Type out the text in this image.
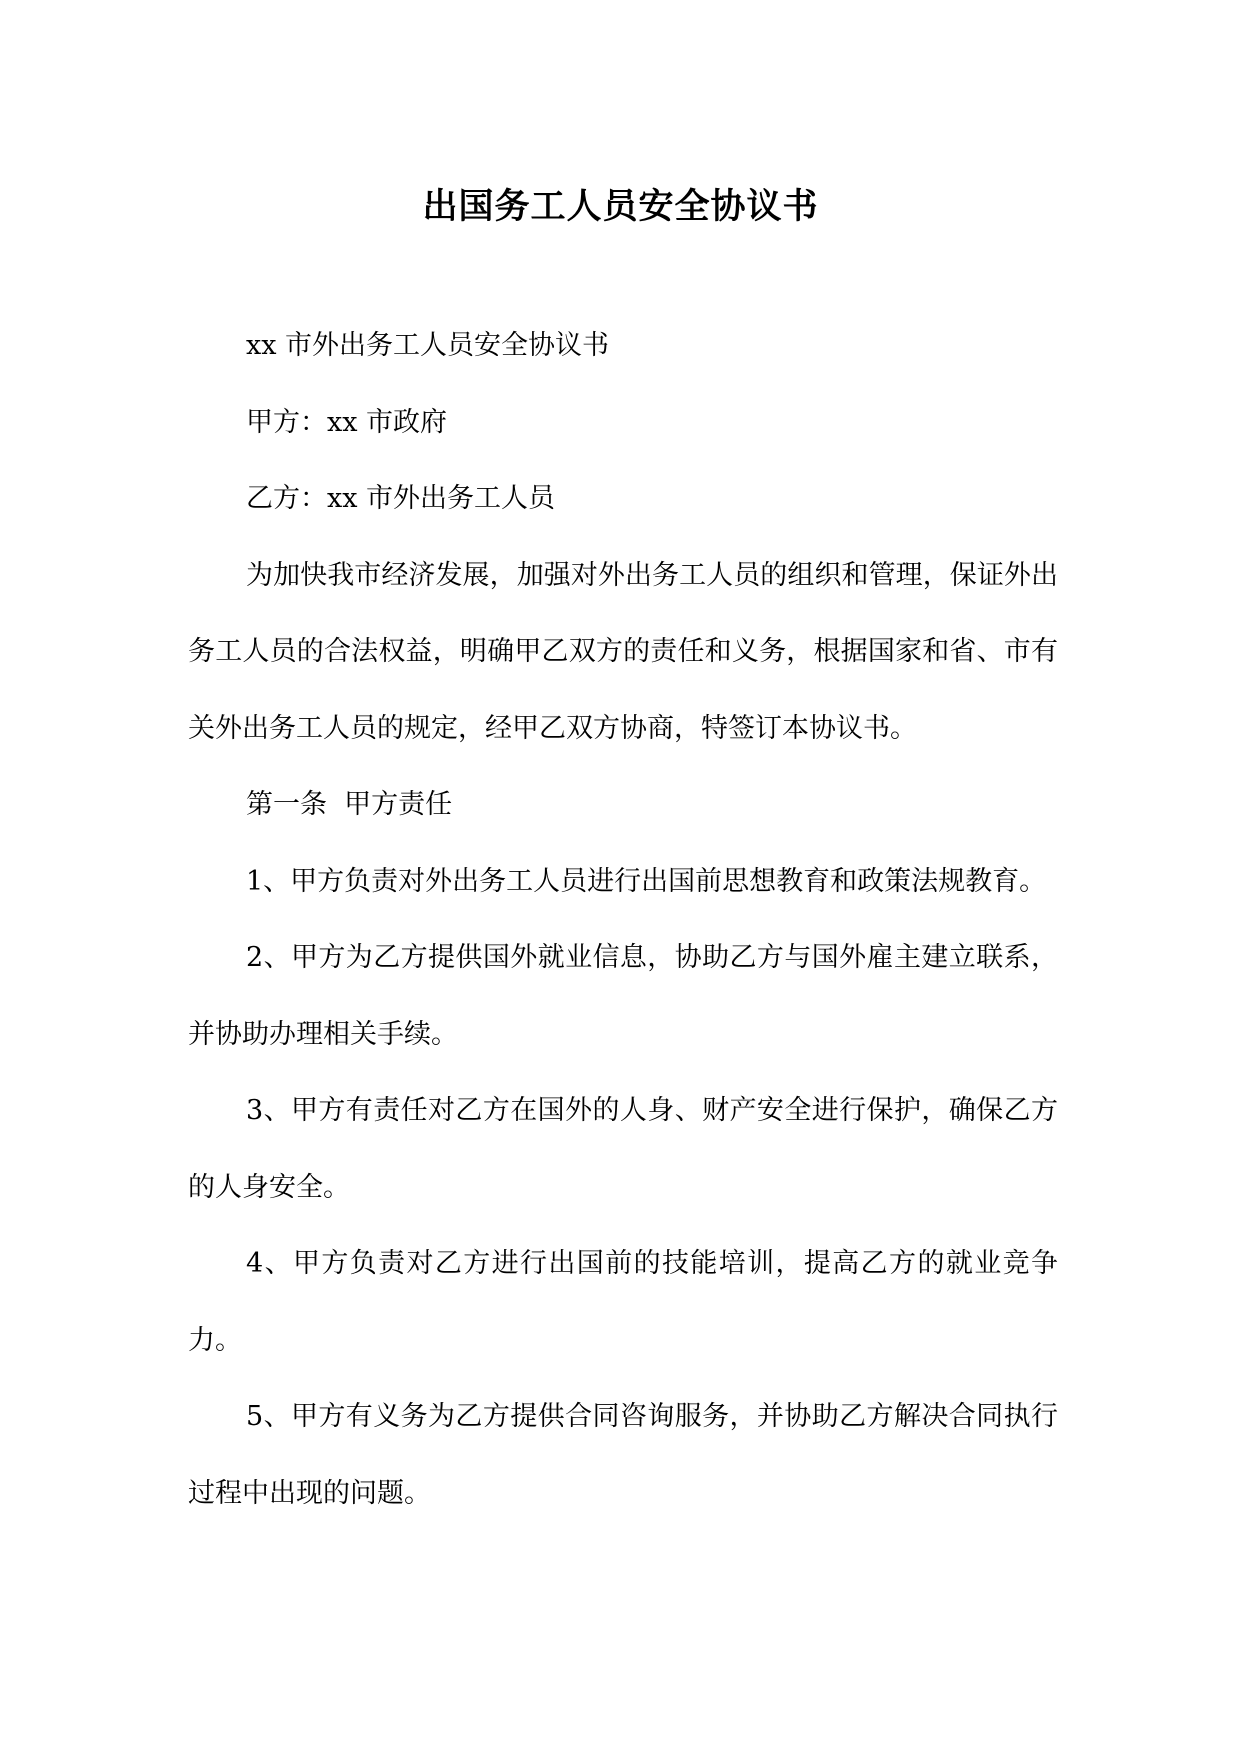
出国务工人员安全协议书

xx 市外出务工人员安全协议书

甲方：xx 市政府

乙方：xx 市外出务工人员

为加快我市经济发展，加强对外出务工人员的组织和管理，保证外出务工人员的合法权益，明确甲乙双方的责任和义务，根据国家和省、市有关外出务工人员的规定，经甲乙双方协商，特签订本协议书。

第一条  甲方责任

1、甲方负责对外出务工人员进行出国前思想教育和政策法规教育。

2、甲方为乙方提供国外就业信息，协助乙方与国外雇主建立联系，并协助办理相关手续。

3、甲方有责任对乙方在国外的人身、财产安全进行保护，确保乙方的人身安全。

4、甲方负责对乙方进行出国前的技能培训，提高乙方的就业竞争力。

5、甲方有义务为乙方提供合同咨询服务，并协助乙方解决合同执行过程中出现的问题。
